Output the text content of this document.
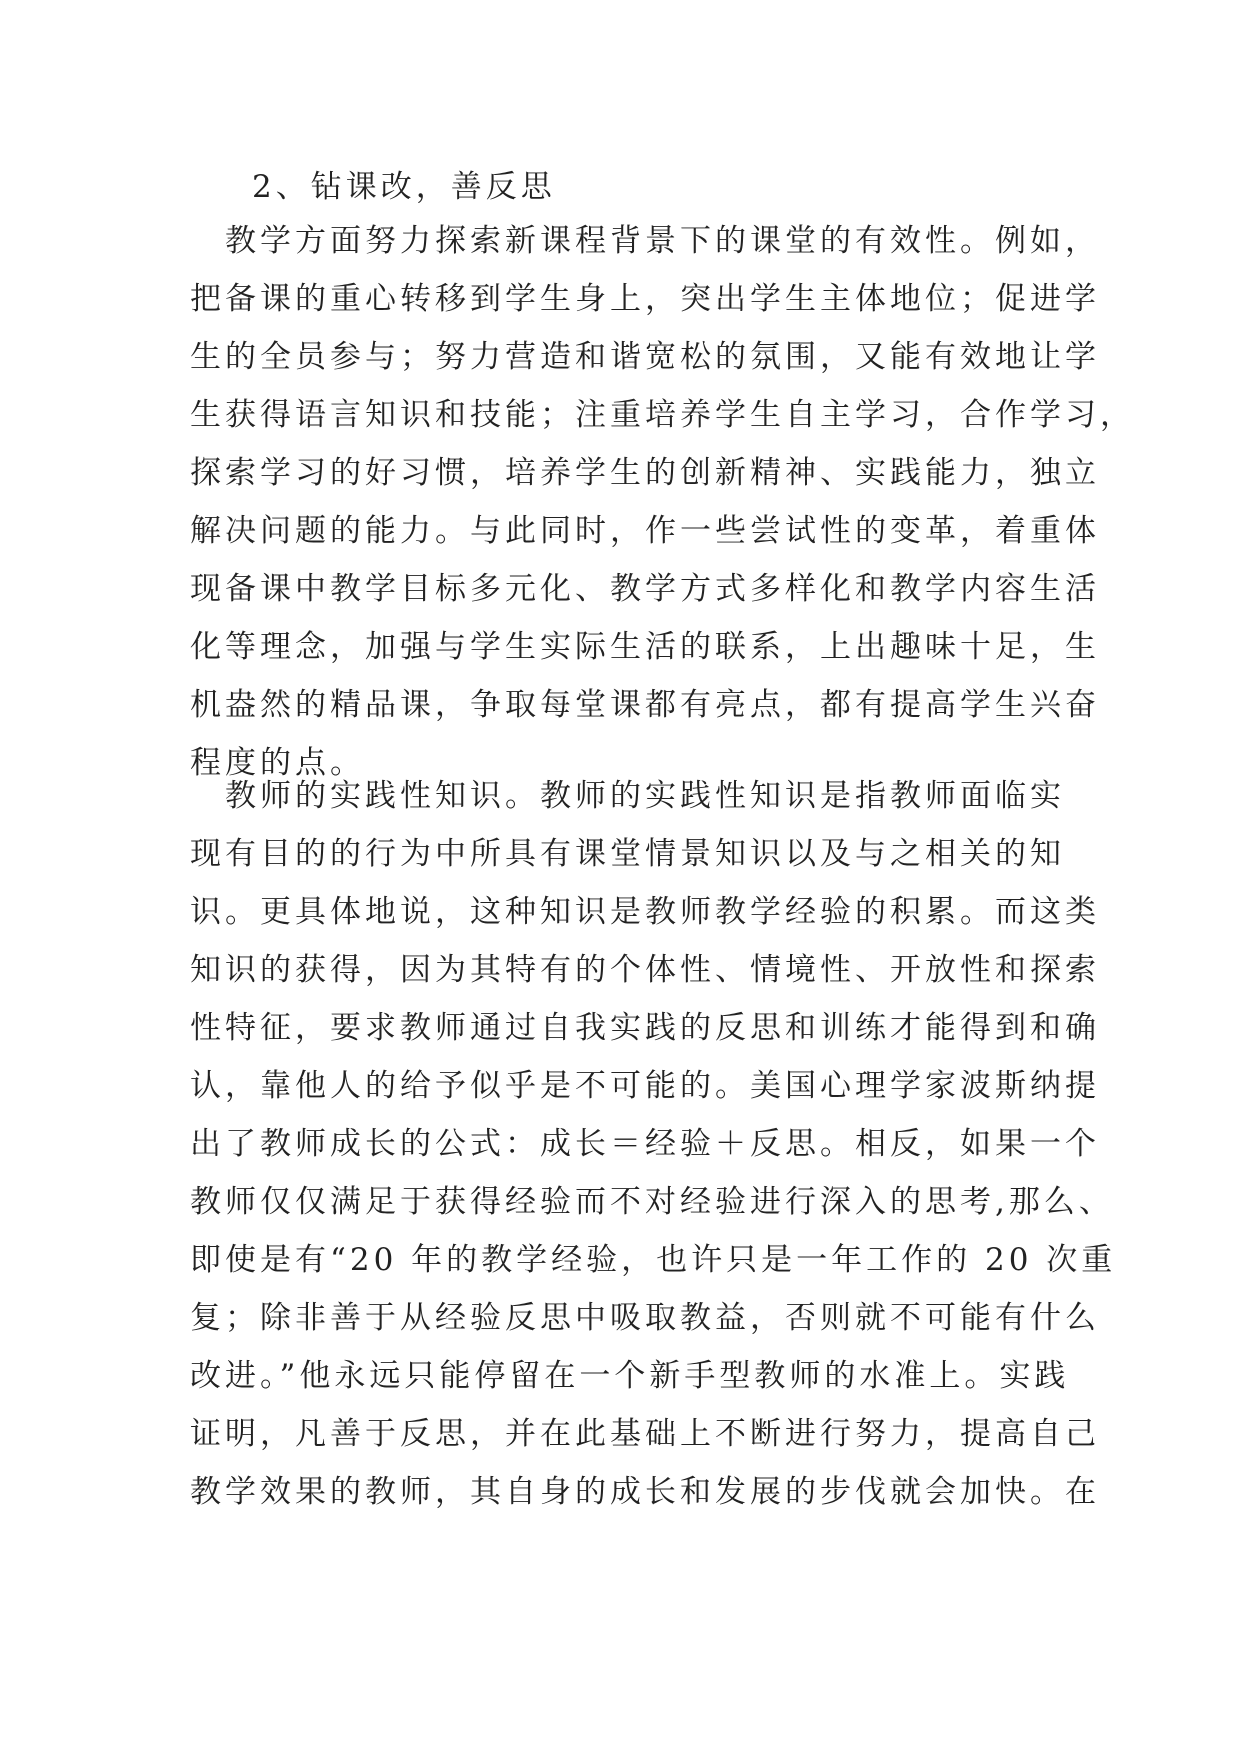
2、钻课改，善反思
　教学方面努力探索新课程背景下的课堂的有效性。例如，
把备课的重心转移到学生身上，突出学生主体地位；促进学
生的全员参与；努力营造和谐宽松的氛围，又能有效地让学
生获得语言知识和技能；注重培养学生自主学习，合作学习，
探索学习的好习惯，培养学生的创新精神、实践能力，独立
解决问题的能力。与此同时，作一些尝试性的变革，着重体
现备课中教学目标多元化、教学方式多样化和教学内容生活
化等理念，加强与学生实际生活的联系，上出趣味十足，生
机盎然的精品课，争取每堂课都有亮点，都有提高学生兴奋
程度的点。
　教师的实践性知识。教师的实践性知识是指教师面临实
现有目的的行为中所具有课堂情景知识以及与之相关的知
识。更具体地说，这种知识是教师教学经验的积累。而这类
知识的获得，因为其特有的个体性、情境性、开放性和探索
性特征，要求教师通过自我实践的反思和训练才能得到和确
认，靠他人的给予似乎是不可能的。美国心理学家波斯纳提
出了教师成长的公式：成长＝经验＋反思。相反，如果一个
教师仅仅满足于获得经验而不对经验进行深入的思考,那么、
即使是有“20 年的教学经验，也许只是一年工作的 20 次重
复；除非善于从经验反思中吸取教益，否则就不可能有什么
改进。”他永远只能停留在一个新手型教师的水准上。实践
证明，凡善于反思，并在此基础上不断进行努力，提高自己
教学效果的教师，其自身的成长和发展的步伐就会加快。在
